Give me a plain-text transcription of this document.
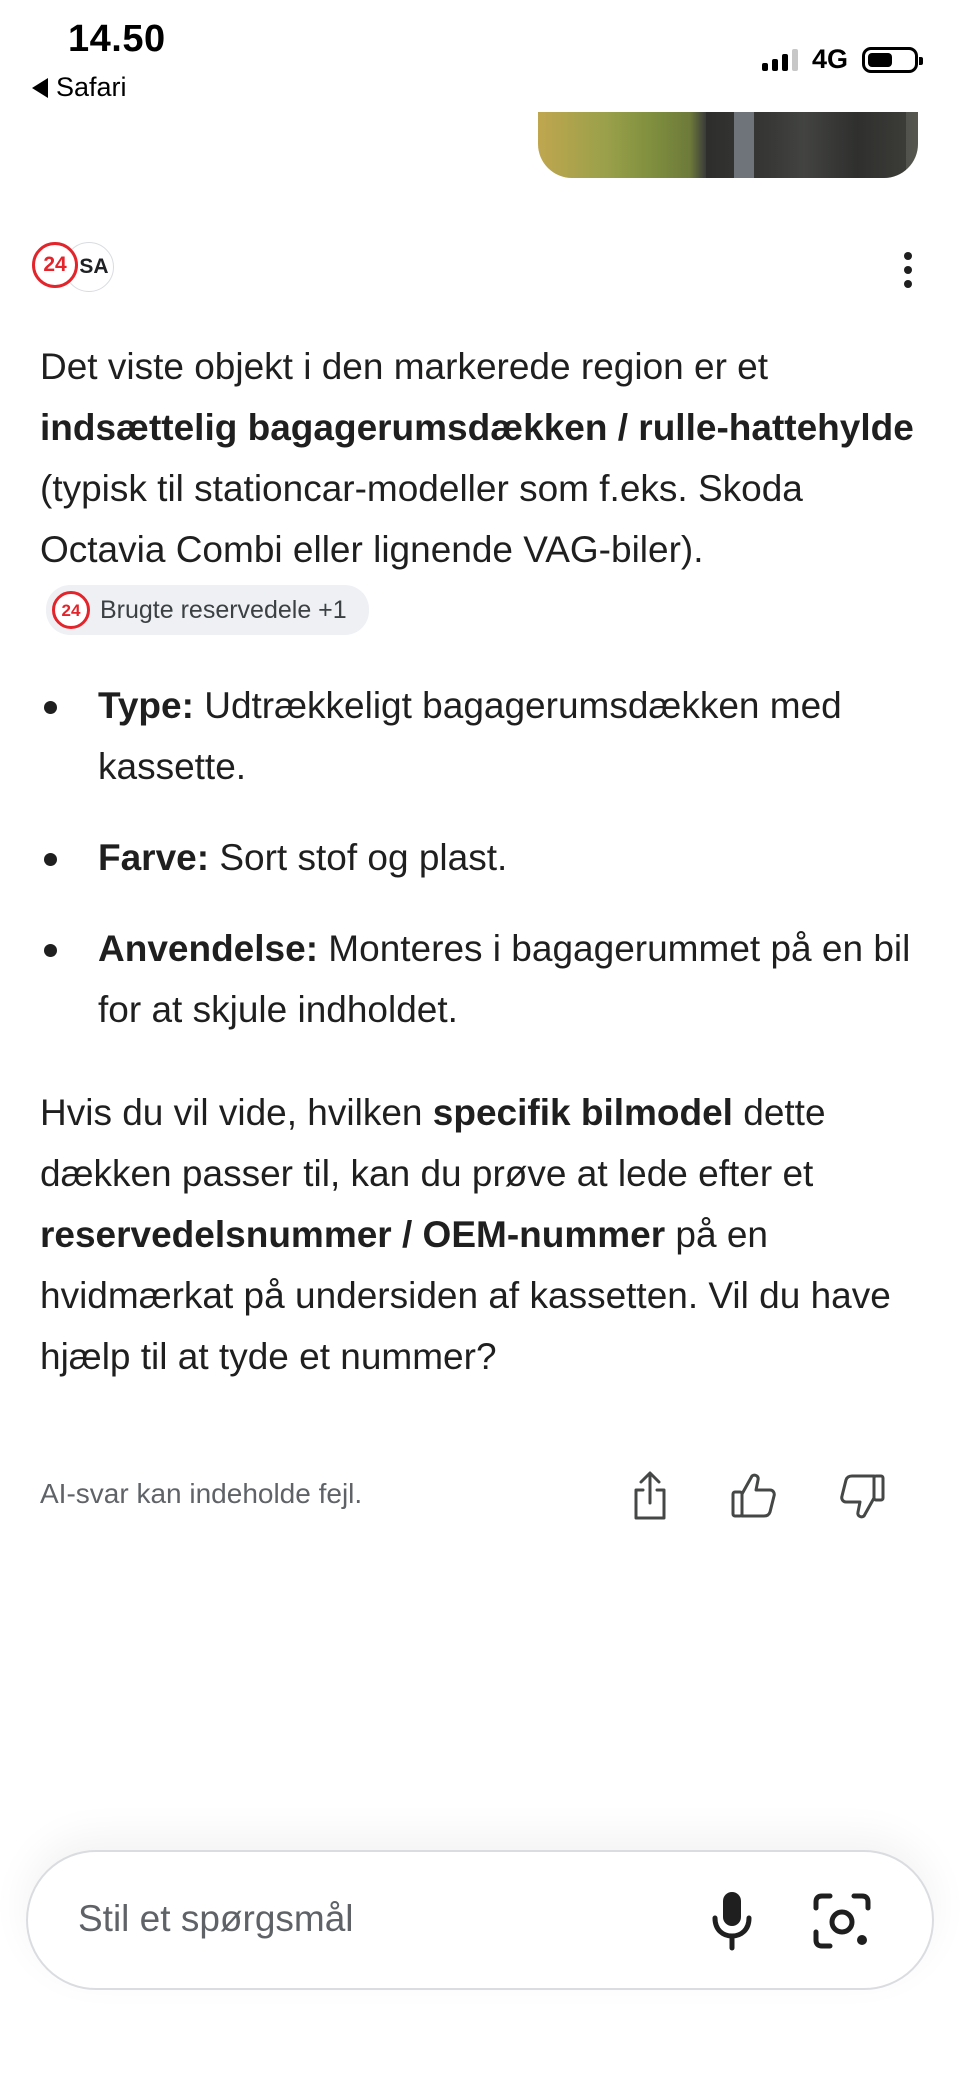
14.50
Safari
4G
SA
24

Det viste objekt i den markerede region er et indsættelig bagagerumsdækken / rulle-hattehylde (typisk til stationcar-modeller som f.eks. Skoda Octavia Combi eller lignende VAG-biler).
24 Brugte reservedele +1

Type: Udtrækkeligt bagagerumsdækken med kassette.
Farve: Sort stof og plast.
Anvendelse: Monteres i bagagerummet på en bil for at skjule indholdet.

Hvis du vil vide, hvilken specifik bilmodel dette dækken passer til, kan du prøve at lede efter et reservedelsnummer / OEM-nummer på en hvidmærkat på undersiden af kassetten. Vil du have hjælp til at tyde et nummer?

AI-svar kan indeholde fejl.
Stil et spørgsmål
